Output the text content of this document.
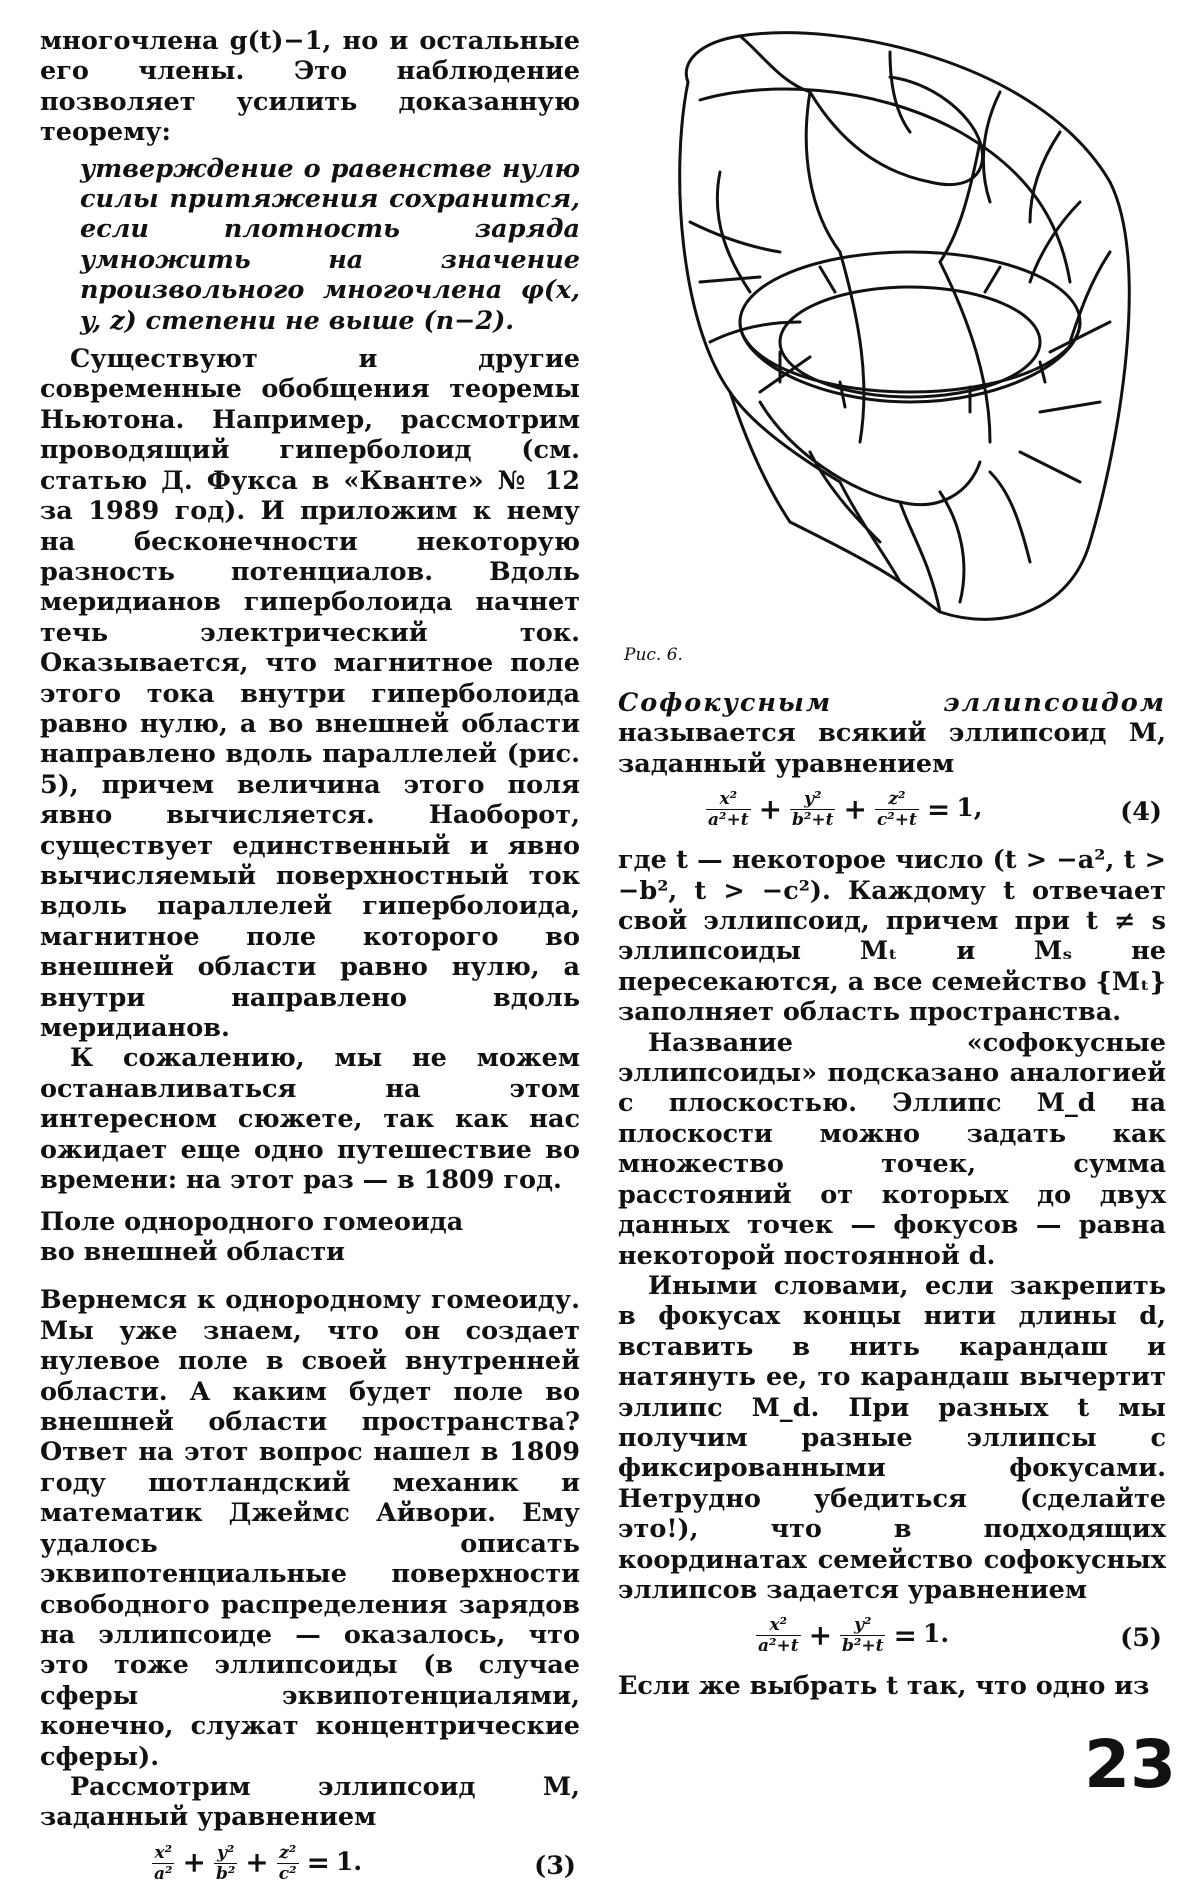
многочлена g(t)−1, но и остальные его члены. Это наблюдение позволяет усилить доказанную теорему:

утверждение о равенстве нулю силы притяжения сохранится, если плотность заряда умножить на значение произвольного многочлена φ(x, y, z) степени не выше (n−2).

Существуют и другие современные обобщения теоремы Ньютона. Например, рассмотрим проводящий гиперболоид (см. статью Д. Фукса в «Кванте» № 12 за 1989 год). И приложим к нему на бесконечности некоторую разность потенциалов. Вдоль меридианов гиперболоида начнет течь электрический ток. Оказывается, что магнитное поле этого тока внутри гиперболоида равно нулю, а во внешней области направлено вдоль параллелей (рис. 5), причем величина этого поля явно вычисляется. Наоборот, существует единственный и явно вычисляемый поверхностный ток вдоль параллелей гиперболоида, магнитное поле которого во внешней области равно нулю, а внутри направлено вдоль меридианов.

К сожалению, мы не можем останавливаться на этом интересном сюжете, так как нас ожидает еще одно путешествие во времени: на этот раз — в 1809 год.

Поле однородного гомеоида
во внешней области

Вернемся к однородному гомеоиду. Мы уже знаем, что он создает нулевое поле в своей внутренней области. А каким будет поле во внешней области пространства? Ответ на этот вопрос нашел в 1809 году шотландский механик и математик Джеймс Айвори. Ему удалось описать эквипотенциальные поверхности свободного распределения зарядов на эллипсоиде — оказалось, что это тоже эллипсоиды (в случае сферы эквипотенциалями, конечно, служат концентрические сферы).

Рассмотрим эллипсоид M, заданный уравнением

$\frac{\text{x²}}{\text{a²}} + \frac{\text{y²}}{\text{b²}} + \frac{\text{z²}}{\text{c²}} = 1$.	(3)
Рис. 6.

Софокусным эллипсоидом называется всякий эллипсоид M, заданный уравнением

$\frac{\text{x²}}{\text{a²+t}} + \frac{\text{y²}}{\text{b²+t}} + \frac{\text{z²}}{\text{c²+t}} = 1$,	(4)

где t — некоторое число (t > −a², t > −b², t > −c²). Каждому t отвечает свой эллипсоид, причем при t ≠ s эллипсоиды Mₜ и Mₛ не пересекаются, а все семейство {Mₜ} заполняет область пространства.

Название «софокусные эллипсоиды» подсказано аналогией с плоскостью. Эллипс M_d на плоскости можно задать как множество точек, сумма расстояний от которых до двух данных точек — фокусов — равна некоторой постоянной d.

Иными словами, если закрепить в фокусах концы нити длины d, вставить в нить карандаш и натянуть ее, то карандаш вычертит эллипс M_d. При разных t мы получим разные эллипсы с фиксированными фокусами. Нетрудно убедиться (сделайте это!), что в подходящих координатах семейство софокусных эллипсов задается уравнением

$\frac{\text{x²}}{\text{a²+t}} + \frac{\text{y²}}{\text{b²+t}} = 1$.	(5)

Если же выбрать t так, что одно из

23
